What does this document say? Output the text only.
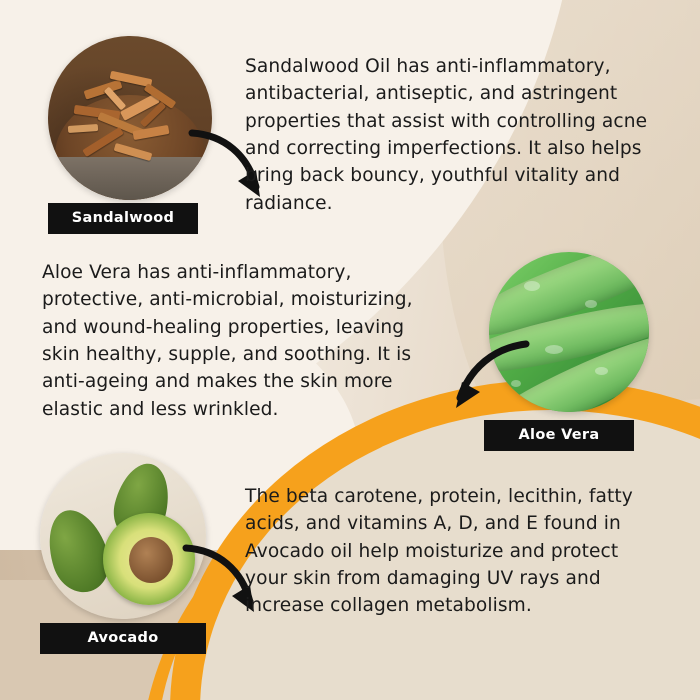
Sandalwood
Sandalwood Oil has anti-inflammatory, antibacterial, antiseptic, and astringent properties that assist with controlling acne and correcting imperfections. It also helps bring back bouncy, youthful vitality and radiance.
Aloe Vera has anti-inflammatory, protective, anti-microbial, moisturizing, and wound-healing properties, leaving skin healthy, supple, and soothing. It is anti-ageing and makes the skin more elastic and less wrinkled.
Aloe Vera
Avocado
The beta carotene, protein, lecithin, fatty acids, and vitamins A, D, and E found in Avocado oil help moisturize and protect your skin from damaging UV rays and increase collagen metabolism.
